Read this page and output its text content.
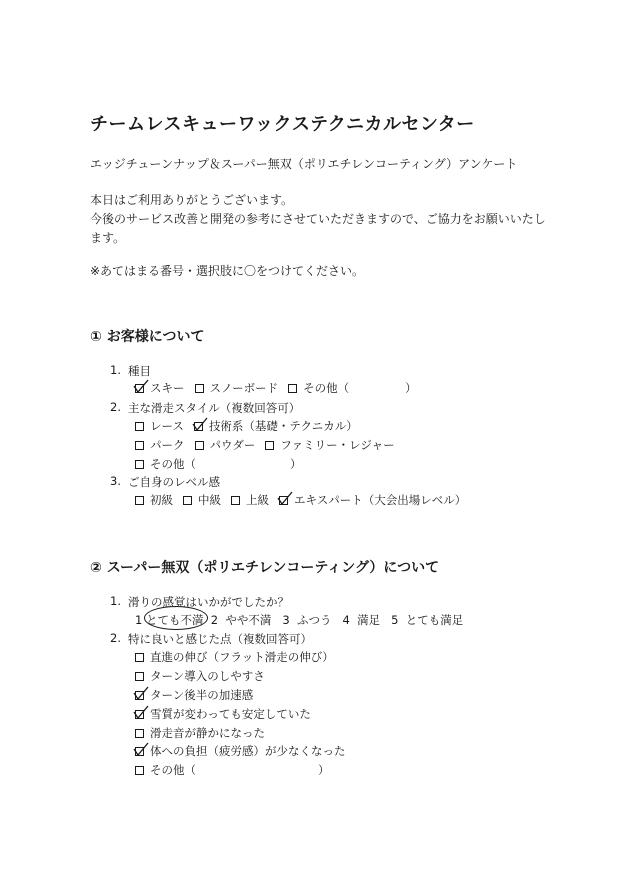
チームレスキューワックステクニカルセンター
エッジチューンナップ＆スーパー無双（ポリエチレンコーティング）アンケート
本日はご利用ありがとうございます。
今後のサービス改善と開発の参考にさせていただきますので、ご協力をお願いいたし
ます。
※あてはまる番号・選択肢に〇をつけてください。
① お客様について
1. 種目
スキー スノーボード その他（	）
2. 主な滑走スタイル（複数回答可）
レース 技術系（基礎・テクニカル）
パーク パウダー ファミリー・レジャー
その他（	）
3. ご自身のレベル感
初級 中級 上級 エキスパート（大会出場レベル）
② スーパー無双（ポリエチレンコーティング）について
1. 滑りの感覚はいかがでしたか？
1 とても不満  2  やや不満   3  ふつう   4  満足   5  とても満足
2. 特に良いと感じた点（複数回答可）
直進の伸び（フラット滑走の伸び）
ターン導入のしやすさ
ターン後半の加速感
雪質が変わっても安定していた
滑走音が静かになった
体への負担（疲労感）が少なくなった
その他（	）
